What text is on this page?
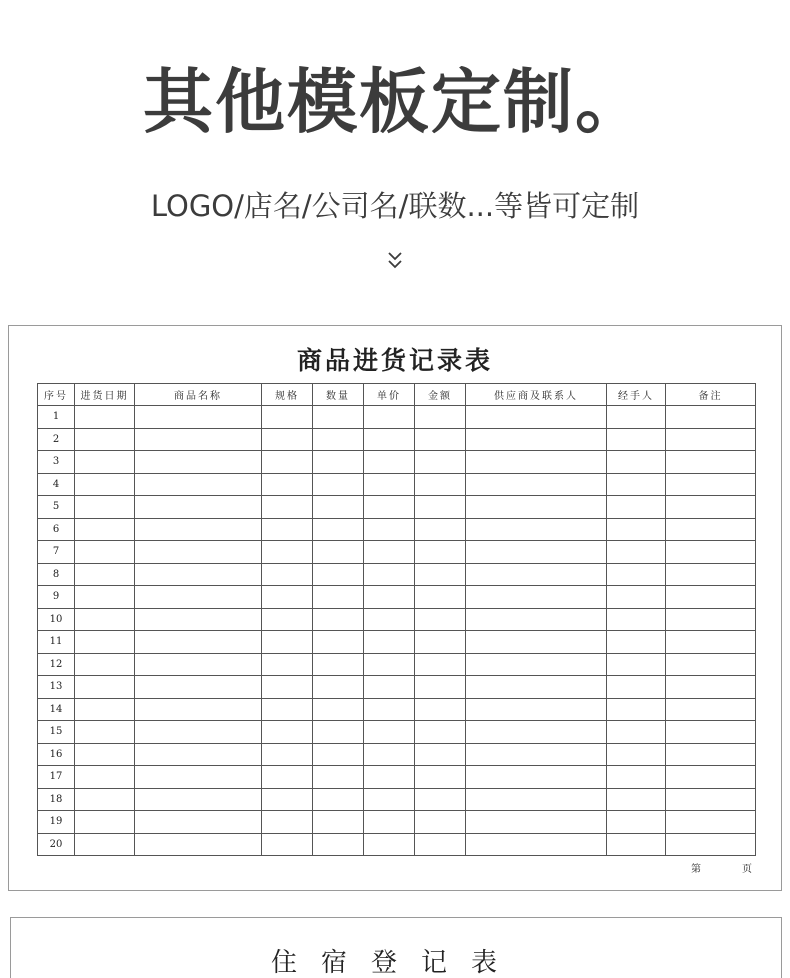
其他模板定制。
LOGO/店名/公司名/联数...等皆可定制
商品进货记录表
序号	进货日期	商品名称	规格	数量	单价	金额	供应商及联系人	经手人	备注
1									
2									
3									
4									
5									
6									
7									
8									
9									
10									
11									
12									
13									
14									
15									
16									
17									
18									
19									
20									
第	页
住宿登记表
